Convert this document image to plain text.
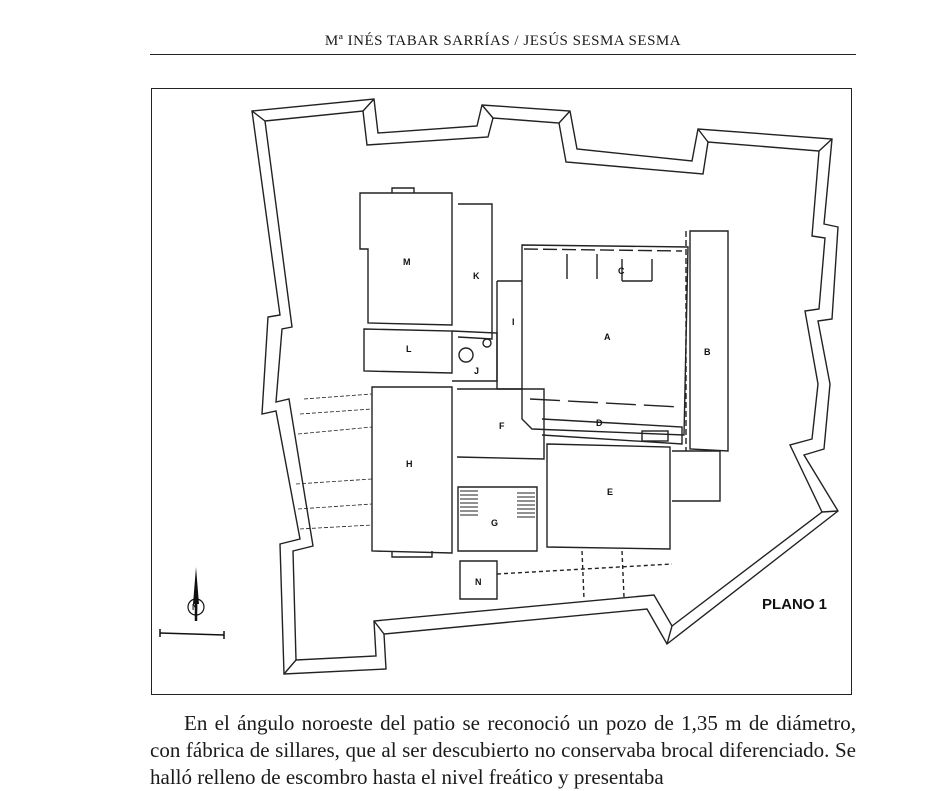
Mª INÉS TABAR SARRÍAS / JESÚS SESMA SESMA
A
B
C
D
E
F
G
H
I
J
K
L
M
N
PLANO 1
N

En el ángulo noroeste del patio se reconoció un pozo de 1,35 m de diámetro, con fábrica de sillares, que al ser descubierto no conservaba brocal diferenciado. Se halló relleno de escombro hasta el nivel freático y presentaba
